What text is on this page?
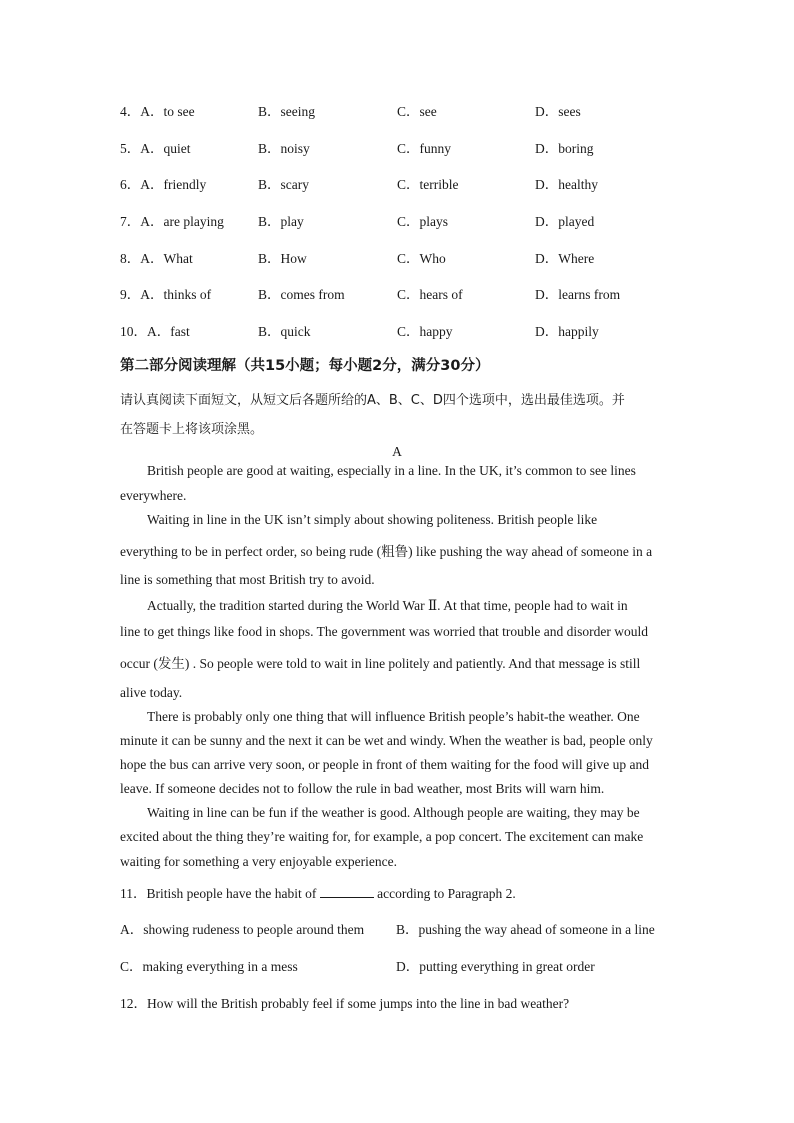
4．A．to see	B．seeing	C．see	D．sees
5．A．quiet	B．noisy	C．funny	D．boring
6．A．friendly	B．scary	C．terrible	D．healthy
7．A．are playing	B．play	C．plays	D．played
8．A．What	B．How	C．Who	D．Where
9．A．thinks of	B．comes from	C．hears of	D．learns from
10．A．fast	B．quick	C．happy	D．happily
第二部分阅读理解（共15小题；每小题2分，满分30分）
请认真阅读下面短文，从短文后各题所给的A、B、C、D四个选项中，选出最佳选项。并
在答题卡上将该项涂黑。
A
British people are good at waiting, especially in a line. In the UK, it’s common to see lines
everywhere.
Waiting in line in the UK isn’t simply about showing politeness. British people like
everything to be in perfect order, so being rude (粗鲁) like pushing the way ahead of someone in a
line is something that most British try to avoid.
Actually, the tradition started during the World War Ⅱ. At that time, people had to wait in
line to get things like food in shops. The government was worried that trouble and disorder would
occur (发生) . So people were told to wait in line politely and patiently. And that message is still
alive today.
There is probably only one thing that will influence British people’s habit-the weather. One
minute it can be sunny and the next it can be wet and windy. When the weather is bad, people only
hope the bus can arrive very soon, or people in front of them waiting for the food will give up and
leave. If someone decides not to follow the rule in bad weather, most Brits will warn him.
Waiting in line can be fun if the weather is good. Although people are waiting, they may be
excited about the thing they’re waiting for, for example, a pop concert. The excitement can make
waiting for something a very enjoyable experience.
11．British people have the habit of	according to Paragraph 2.
A．showing rudeness to people around them B．pushing the way ahead of someone in a line
C．making everything in a mess	D．putting everything in great order
12．How will the British probably feel if some jumps into the line in bad weather?
